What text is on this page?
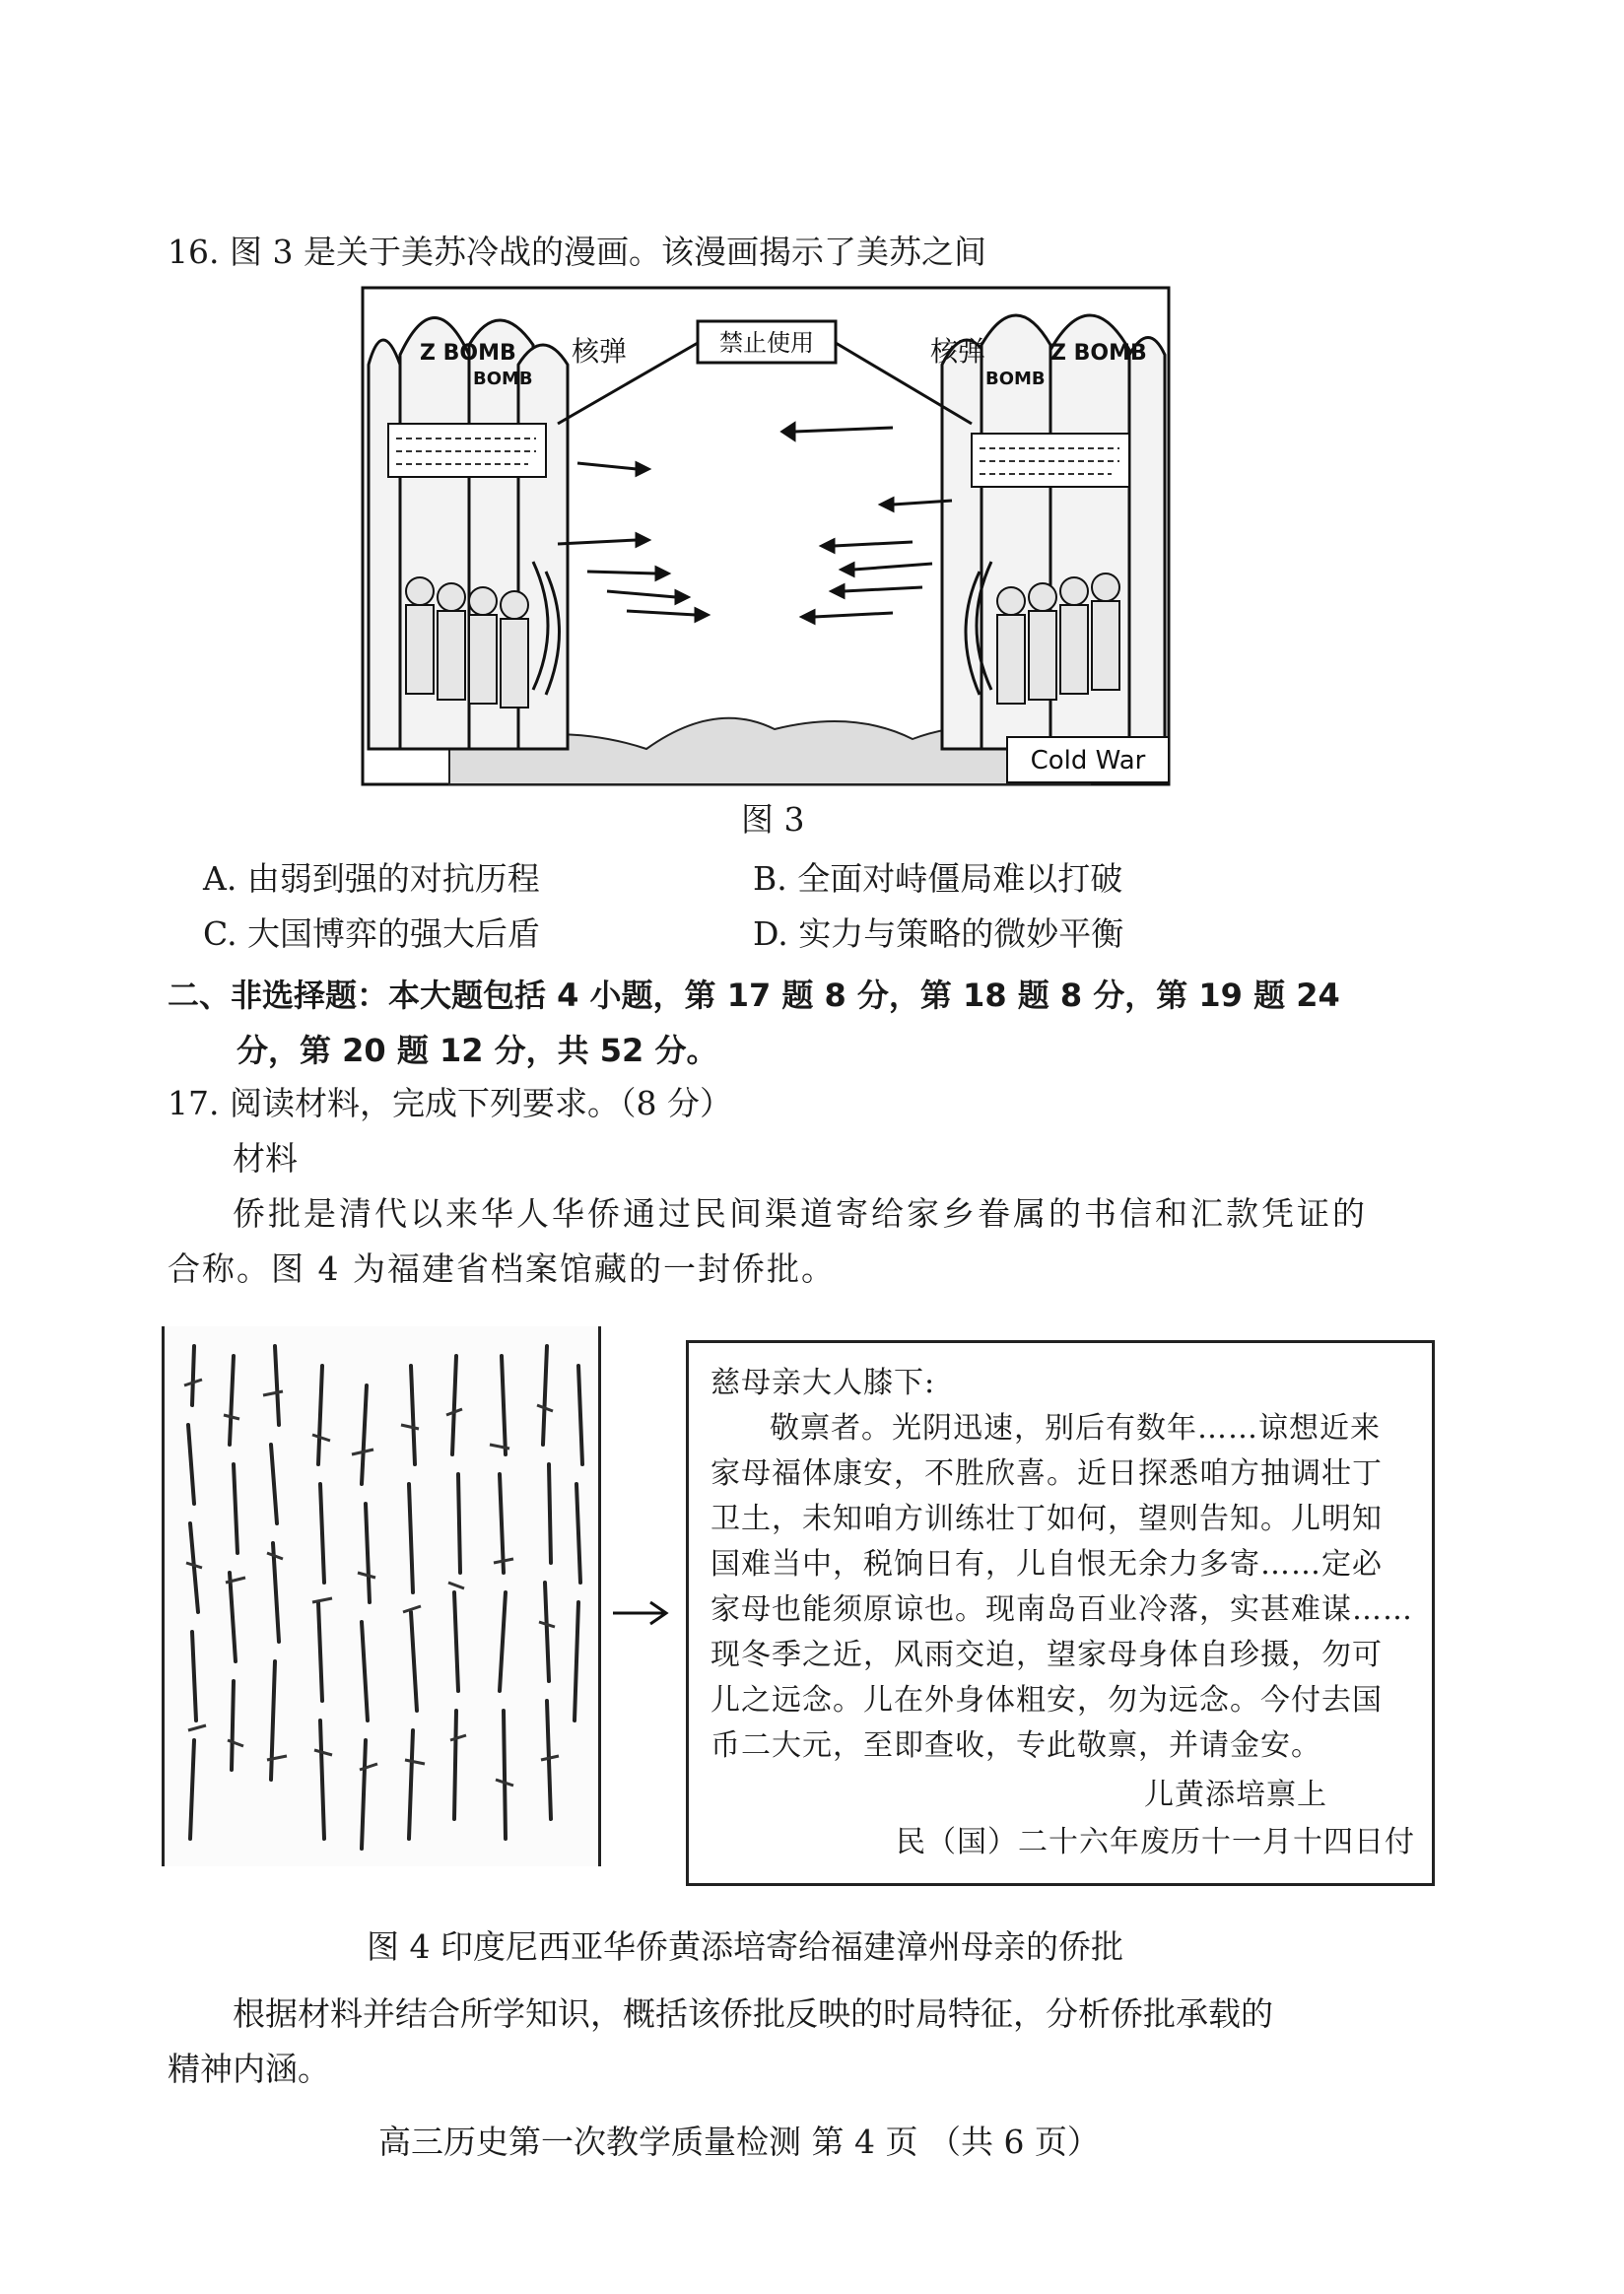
16. 图 3 是关于美苏冷战的漫画。该漫画揭示了美苏之间
Z BOMB
BOMB
Z BOMB
BOMB
禁止使用
核弹	核弹
Cold War
图 3
A. 由弱到强的对抗历程	B. 全面对峙僵局难以打破
C. 大国博弈的强大后盾	D. 实力与策略的微妙平衡
二、非选择题：本大题包括 4 小题，第 17 题 8 分，第 18 题 8 分，第 19 题 24
分，第 20 题 12 分，共 52 分。
17. 阅读材料，完成下列要求。（8 分）
材料
侨批是清代以来华人华侨通过民间渠道寄给家乡眷属的书信和汇款凭证的
合称。图 4 为福建省档案馆藏的一封侨批。
慈母亲大人膝下:
敬禀者。光阴迅速，别后有数年……谅想近来
家母福体康安，不胜欣喜。近日探悉咱方抽调壮丁
卫土，未知咱方训练壮丁如何，望则告知。儿明知
国难当中，税饷日有，儿自恨无余力多寄……定必
家母也能须原谅也。现南岛百业冷落，实甚难谋……
现冬季之近，风雨交迫，望家母身体自珍摄，勿可
儿之远念。儿在外身体粗安，勿为远念。今付去国
币二大元，至即查收，专此敬禀，并请金安。
儿黄添培禀上
民（国）二十六年废历十一月十四日付
图 4 印度尼西亚华侨黄添培寄给福建漳州母亲的侨批
根据材料并结合所学知识，概括该侨批反映的时局特征，分析侨批承载的
精神内涵。
高三历史第一次教学质量检测 第 4 页 （共 6 页）
